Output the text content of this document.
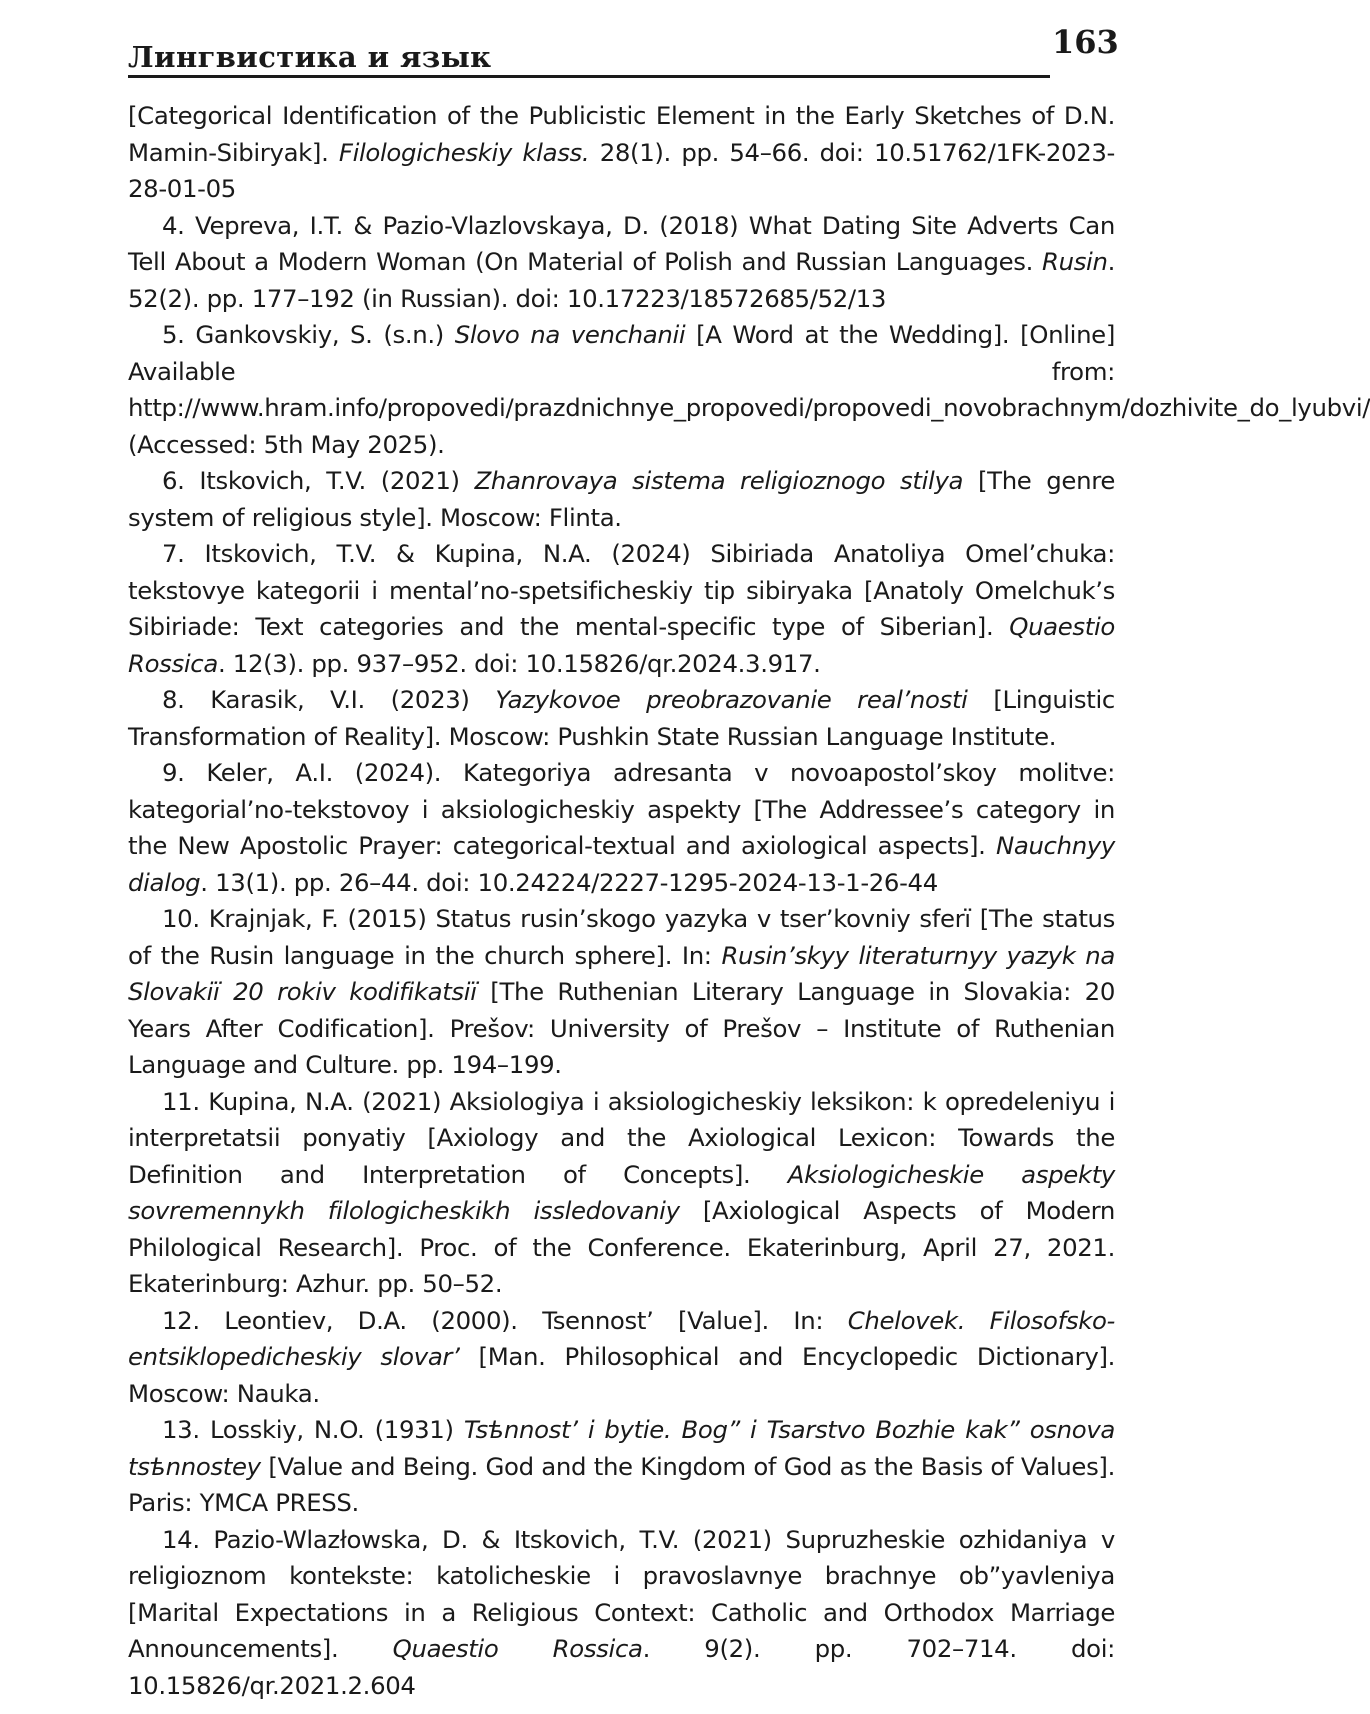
Лингвистика и язык	163

[Categorical Identification of the Publicistic Element in the Early Sketches of D.N. Mamin-Sibiryak]. Filologicheskiy klass. 28(1). pp. 54–66. doi: 10.51762/1FK-2023-28-01-05

4. Vepreva, I.T. & Pazio-Vlazlovskaya, D. (2018) What Dating Site Adverts Can Tell About a Modern Woman (On Material of Polish and Russian Languages. Rusin. 52(2). pp. 177–192 (in Russian). doi: 10.17223/18572685/52/13

5. Gankovskiy, S. (s.n.) Slovo na venchanii [A Word at the Wedding]. [Online] Available from: http://www.hram.info/propovedi/prazdnichnye_propovedi/propovedi_novobrachnym/dozhivite_do_lyubvi/ (Accessed: 5th May 2025).

6. Itskovich, T.V. (2021) Zhanrovaya sistema religioznogo stilya [The genre system of religious style]. Moscow: Flinta.

7. Itskovich, T.V. & Kupina, N.A. (2024) Sibiriada Anatoliya Omel’chuka: tekstovye kategorii i mental’no-spetsificheskiy tip sibiryaka [Anatoly Omelchuk’s Sibiriade: Text categories and the mental-specific type of Siberian]. Quaestio Rossica. 12(3). pp. 937–952. doi: 10.15826/qr.2024.3.917.

8. Karasik, V.I. (2023) Yazykovoe preobrazovanie real’nosti [Linguistic Transformation of Reality]. Moscow: Pushkin State Russian Language Institute.

9. Keler, A.I. (2024). Kategoriya adresanta v novoapostol’skoy molitve: kategorial’no-tekstovoy i aksiologicheskiy aspekty [The Addressee’s category in the New Apostolic Prayer: categorical-textual and axiological aspects]. Nauchnyy dialog. 13(1). pp. 26–44. doi: 10.24224/2227-1295-2024-13-1-26-44

10. Krajnjak, F. (2015) Status rusin’skogo yazyka v tser’kovniy sferï [The status of the Rusin language in the church sphere]. In: Rusin’skyy literaturnyy yazyk na Slovakiï 20 rokiv kodifikatsiï [The Ruthenian Literary Language in Slovakia: 20 Years After Codification]. Prešov: University of Prešov – Institute of Ruthenian Language and Culture. pp. 194–199.

11. Kupina, N.A. (2021) Aksiologiya i aksiologicheskiy leksikon: k opredeleniyu i interpretatsii ponyatiy [Axiology and the Axiological Lexicon: Towards the Definition and Interpretation of Concepts]. Aksiologicheskie aspekty sovremennykh filologicheskikh issledovaniy [Axiological Aspects of Modern Philological Research]. Proc. of the Conference. Ekaterinburg, April 27, 2021. Ekaterinburg: Azhur. pp. 50–52.

12. Leontiev, D.A. (2000). Tsennost’ [Value]. In: Chelovek. Filosofsko-entsiklopedicheskiy slovar’ [Man. Philosophical and Encyclopedic Dictionary]. Moscow: Nauka.

13. Losskiy, N.O. (1931) Tsѣnnost’ i bytie. Bog” i Tsarstvo Bozhie kak” osnova tsѣnnostey [Value and Being. God and the Kingdom of God as the Basis of Values]. Paris: YMCA PRESS.

14. Pazio-Wlazłowska, D. & Itskovich, T.V. (2021) Supruzheskie ozhidaniya v religioznom kontekste: katolicheskie i pravoslavnye brachnye ob”yavleniya [Marital Expectations in a Religious Context: Catholic and Orthodox Marriage Announcements]. Quaestio Rossica. 9(2). pp. 702–714. doi: 10.15826/qr.2021.2.604
